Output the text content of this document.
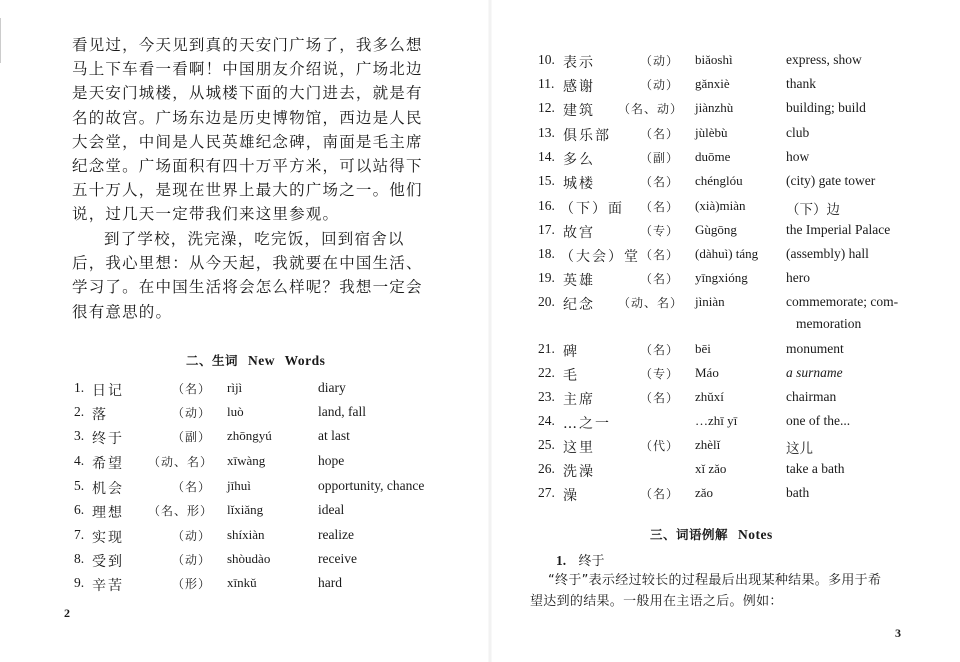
看见过，今天见到真的天安门广场了，我多么想
马上下车看一看啊！中国朋友介绍说，广场北边
是天安门城楼，从城楼下面的大门进去，就是有
名的故宫。广场东边是历史博物馆，西边是人民
大会堂，中间是人民英雄纪念碑，南面是毛主席
纪念堂。广场面积有四十万平方米，可以站得下
五十万人，是现在世界上最大的广场之一。他们
说，过几天一定带我们来这里参观。
到了学校，洗完澡，吃完饭，回到宿舍以
后，我心里想：从今天起，我就要在中国生活、
学习了。在中国生活将会怎么样呢？我想一定会
很有意思的。
二、生词 New Words
1. 日记	（名） rìjì	diary
2. 落	（动） luò	land, fall
3. 终于	（副） zhōngyú	at last
4. 希望 （动、名） xīwàng	hope
5. 机会	（名） jīhuì	opportunity, chance
6. 理想 （名、形） lǐxiǎng	ideal
7. 实现	（动） shíxiàn	realize
8. 受到	（动） shòudào	receive
9. 辛苦	（形） xīnkǔ	hard
2
10. 表示	（动） biǎoshì	express, show
11. 感谢	（动） gǎnxiè	thank
12. 建筑 （名、动） jiànzhù	building; build
13. 俱乐部 （名） jùlèbù	club
14. 多么	（副） duōme	how
15. 城楼	（名） chénglóu	(city) gate tower
16. （下）面 （名） (xià)miàn	（下）边
17. 故宫	（专） Gùgōng	the Imperial Palace
18. （大会）堂 （名） (dàhuì) táng (assembly) hall
19. 英雄	（名） yīngxióng	hero
20. 纪念 （动、名） jìniàn	commemorate; com-
memoration
21. 碑	（名） bēi	monument
22. 毛	（专） Máo	a surname
23. 主席	（名） zhǔxí	chairman
24. …之一	…zhī yī	one of the...
25. 这里	（代） zhèlǐ	这儿
26. 洗澡	xǐ zǎo	take a bath
27. 澡	（名） zǎo	bath
三、词语例解 Notes
1. 终于
“终于”表示经过较长的过程最后出现某种结果。多用于希
望达到的结果。一般用在主语之后。例如：
3
